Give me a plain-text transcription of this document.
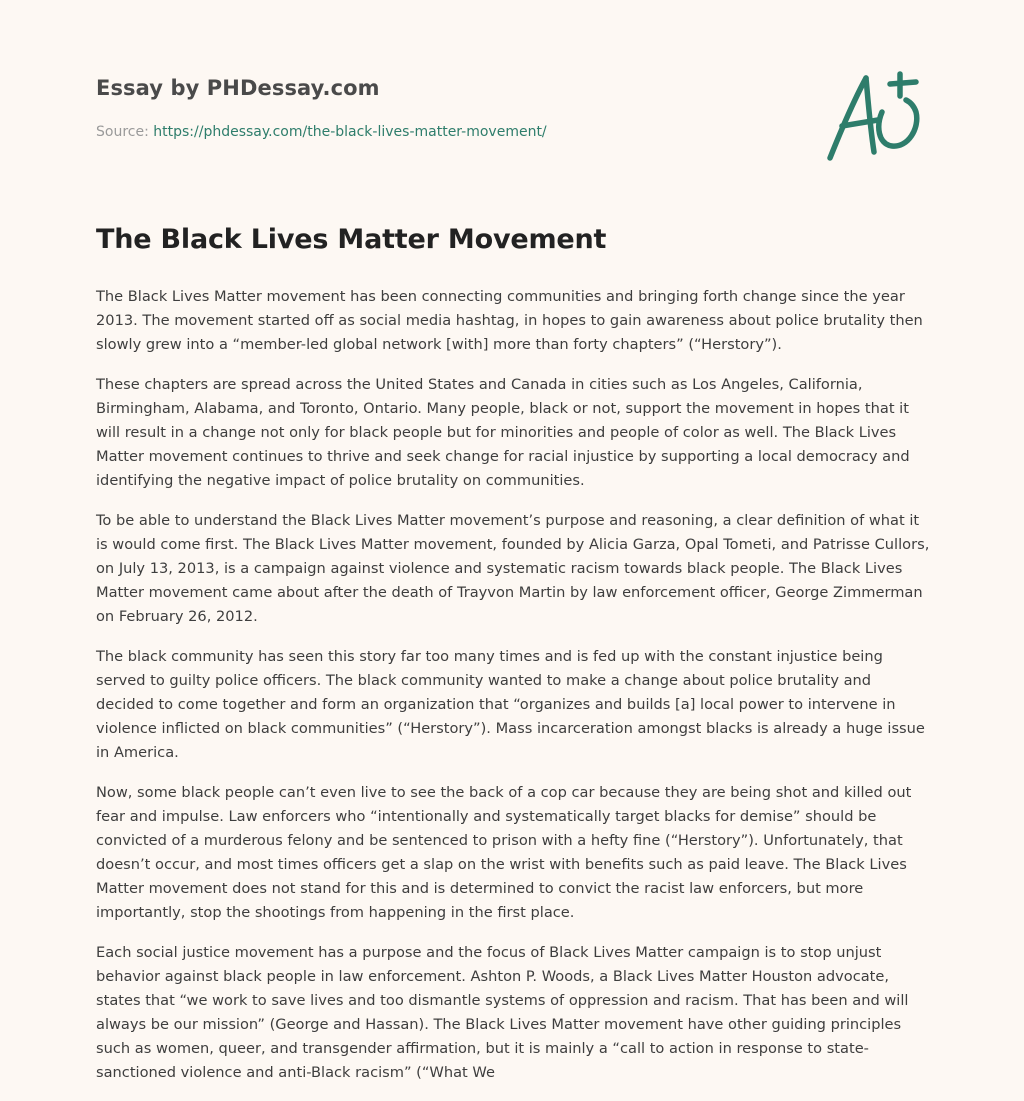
Essay by PHDessay.com
Source: https://phdessay.com/the-black-lives-matter-movement/
The Black Lives Matter Movement

The Black Lives Matter movement has been connecting communities and bringing forth change since the year 2013. The movement started off as social media hashtag, in hopes to gain awareness about police brutality then slowly grew into a “member-led global network [with] more than forty chapters” (“Herstory”).

These chapters are spread across the United States and Canada in cities such as Los Angeles, California, Birmingham, Alabama, and Toronto, Ontario. Many people, black or not, support the movement in hopes that it will result in a change not only for black people but for minorities and people of color as well. The Black Lives Matter movement continues to thrive and seek change for racial injustice by supporting a local democracy and identifying the negative impact of police brutality on communities.

To be able to understand the Black Lives Matter movement’s purpose and reasoning, a clear definition of what it is would come first. The Black Lives Matter movement, founded by Alicia Garza, Opal Tometi, and Patrisse Cullors, on July 13, 2013, is a campaign against violence and systematic racism towards black people. The Black Lives Matter movement came about after the death of Trayvon Martin by law enforcement officer, George Zimmerman on February 26, 2012.

The black community has seen this story far too many times and is fed up with the constant injustice being served to guilty police officers. The black community wanted to make a change about police brutality and decided to come together and form an organization that “organizes and builds [a] local power to intervene in violence inflicted on black communities” (“Herstory”). Mass incarceration amongst blacks is already a huge issue in America.

Now, some black people can’t even live to see the back of a cop car because they are being shot and killed out fear and impulse. Law enforcers who “intentionally and systematically target blacks for demise” should be convicted of a murderous felony and be sentenced to prison with a hefty fine (“Herstory”). Unfortunately, that doesn’t occur, and most times officers get a slap on the wrist with benefits such as paid leave. The Black Lives Matter movement does not stand for this and is determined to convict the racist law enforcers, but more importantly, stop the shootings from happening in the first place.

Each social justice movement has a purpose and the focus of Black Lives Matter campaign is to stop unjust behavior against black people in law enforcement. Ashton P. Woods, a Black Lives Matter Houston advocate, states that “we work to save lives and too dismantle systems of oppression and racism. That has been and will always be our mission” (George and Hassan). The Black Lives Matter movement have other guiding principles such as women, queer, and transgender affirmation, but it is mainly a “call to action in response to state-sanctioned violence and anti-Black racism” (“What We
